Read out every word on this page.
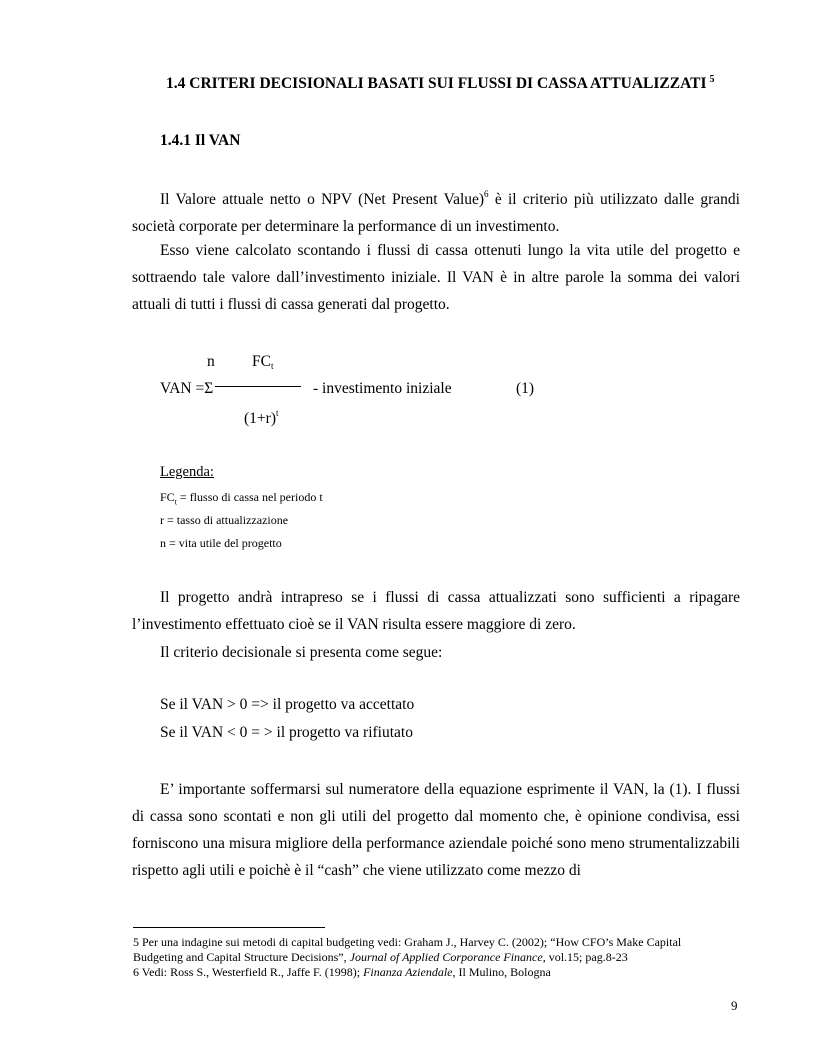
1.4 CRITERI DECISIONALI BASATI SUI FLUSSI DI CASSA ATTUALIZZATI $^5$
1.4.1 Il VAN
Il Valore attuale netto o NPV (Net Present Value)$^6$ è il criterio più utilizzato dalle grandi società corporate per determinare la performance di un investimento.
Esso viene calcolato scontando i flussi di cassa ottenuti lungo la vita utile del progetto e sottraendo tale valore dall’investimento iniziale. Il VAN è in altre parole la somma dei valori attuali di tutti i flussi di cassa generati dal progetto.
n $FC_t$
VAN =Σ	- investimento iniziale	(1)
$(1+r)^t$
Legenda:
$FC_t$ = flusso di cassa nel periodo t
r = tasso di attualizzazione
n = vita utile del progetto
Il progetto andrà intrapreso se i flussi di cassa attualizzati sono sufficienti a ripagare l’investimento effettuato cioè se il VAN risulta essere maggiore di zero.
Il criterio decisionale si presenta come segue:
Se il VAN > 0 => il progetto va accettato
Se il VAN < 0 = > il progetto va rifiutato
E’ importante soffermarsi sul numeratore della equazione esprimente il VAN, la (1). I flussi di cassa sono scontati e non gli utili del progetto dal momento che, è opinione condivisa, essi forniscono una misura migliore della performance aziendale poiché sono meno strumentalizzabili rispetto agli utili e poichè è il “cash” che viene utilizzato come mezzo di
5 Per una indagine sui metodi di capital budgeting vedi: Graham J., Harvey C. (2002); “How CFO’s Make Capital Budgeting and Capital Structure Decisions”, Journal of Applied Corporance Finance, vol.15; pag.8-23
6 Vedi: Ross S., Westerfield R., Jaffe F. (1998); Finanza Aziendale, Il Mulino, Bologna
9
